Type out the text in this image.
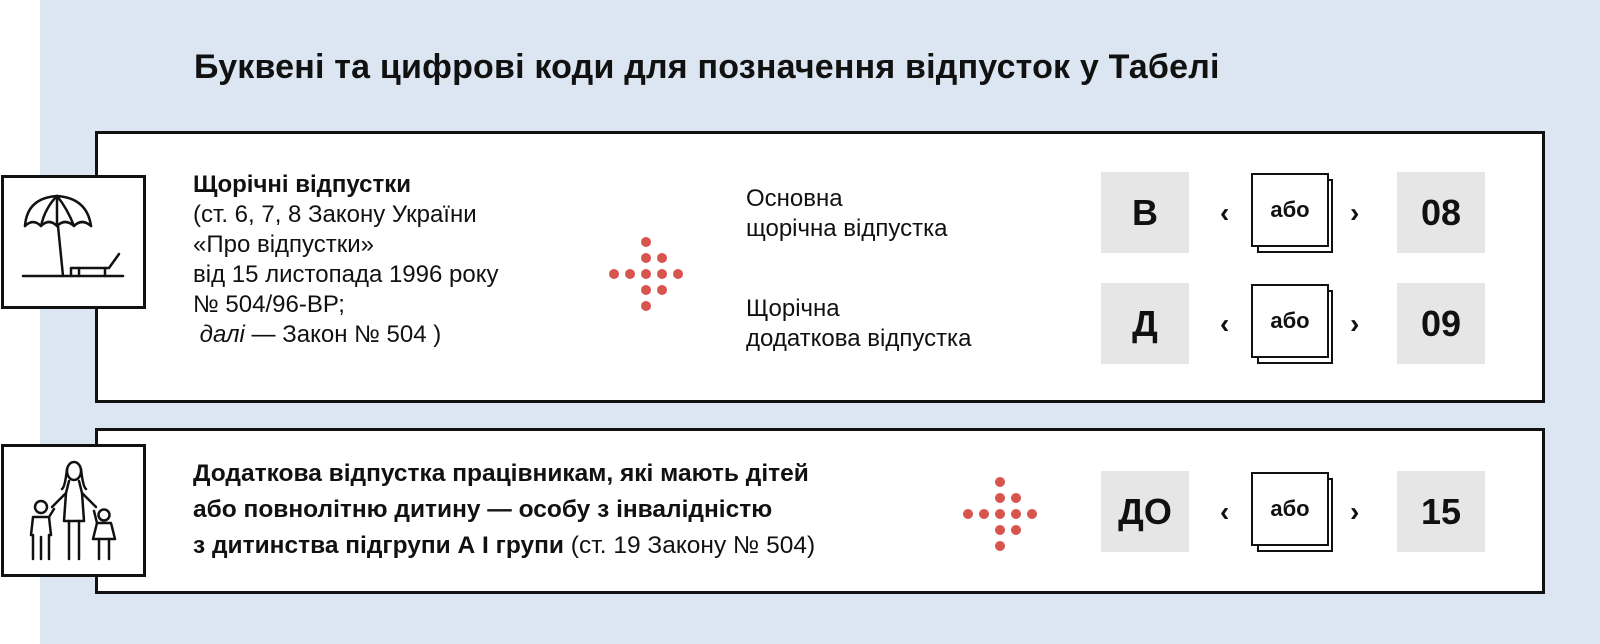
Буквені та цифрові коди для позначення відпусток у Табелі
Щорічні відпустки
(ст. 6, 7, 8 Закону України
«Про відпустки»
від 15 листопада 1996 року
№ 504/96-ВР;
далі — Закон № 504 )
Основна
щорічна відпустка	В	‹	або	›	08
Щорічна
додаткова відпустка	Д	‹	або	›	09
Додаткова відпустка працівникам, які мають дітей
або повнолітню дитину — особу з інвалідністю
з дитинства підгрупи А І групи (ст. 19 Закону № 504)
ДО	‹	або	›	15
